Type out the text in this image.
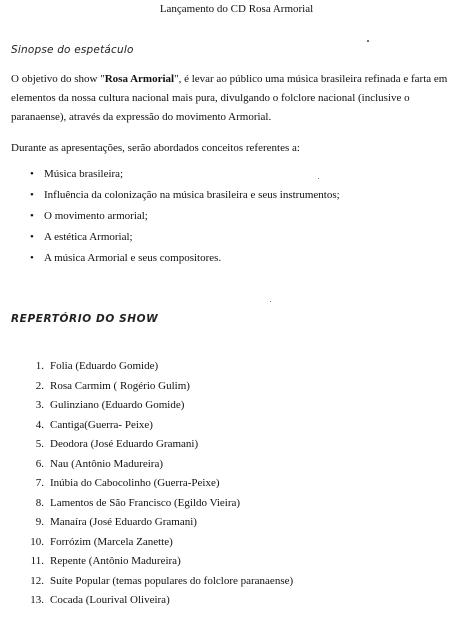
Lançamento do CD Rosa Armorial
Sinopse do espetáculo

O objetivo do show "Rosa Armorial", é levar ao público uma música brasileira refinada e farta em elementos da nossa cultura nacional mais pura, divulgando o folclore nacional (inclusive o paranaense), através da expressão do movimento Armorial.

Durante as apresentações, serão abordados conceitos referentes a:

• Música brasileira;
• Influência da colonização na música brasileira e seus instrumentos;
• O movimento armorial;
• A estética Armorial;
• A música Armorial e seus compositores.
REPERTÓRIO DO SHOW
1. Folia (Eduardo Gomide)
2. Rosa Carmim ( Rogério Gulim)
3. Gulinziano (Eduardo Gomide)
4. Cantiga(Guerra- Peixe)
5. Deodora (José Eduardo Gramani)
6. Nau (Antônio Madureira)
7. Inúbia do Cabocolinho (Guerra-Peixe)
8. Lamentos de São Francisco (Egildo Vieira)
9. Manaíra (José Eduardo Gramani)
10. Forrózim (Marcela Zanette)
11. Repente (Antônio Madureira)
12. Suíte Popular (temas populares do folclore paranaense)
13. Cocada (Lourival Oliveira)
